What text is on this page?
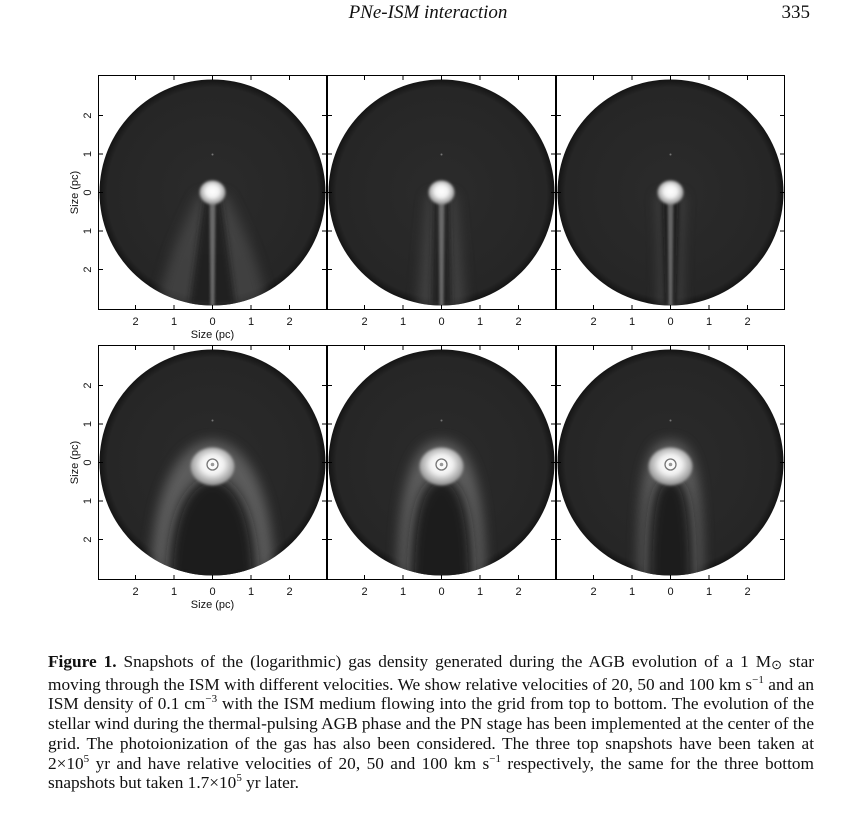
PNe-ISM interaction	335
2	1	0	1	2
Size (pc)
2
1
0
1
2
Size (pc)
2	1	0	1	2	2	1	0	1	2
2	1	0	1	2
Size (pc)
2
1
0
1
2
Size (pc)
2	1	0	1	2	2	1	0	1	2
Figure 1. Snapshots of the (logarithmic) gas density generated during the AGB evolution of a 1 M⊙ star moving through the ISM with different velocities. We show relative velocities of 20, 50 and 100 km $s^{-1}$ and an ISM density of 0.1 $cm^{-3}$ with the ISM medium flowing into the grid from top to bottom. The evolution of the stellar wind during the thermal-pulsing AGB phase and the PN stage has been implemented at the center of the grid. The photoionization of the gas has also been considered. The three top snapshots have been taken at $2\times 10^5$ yr and have relative velocities of 20, 50 and 100 km $s^{-1}$ respectively, the same for the three bottom snapshots but taken $1.7\times 10^5$ yr later.
